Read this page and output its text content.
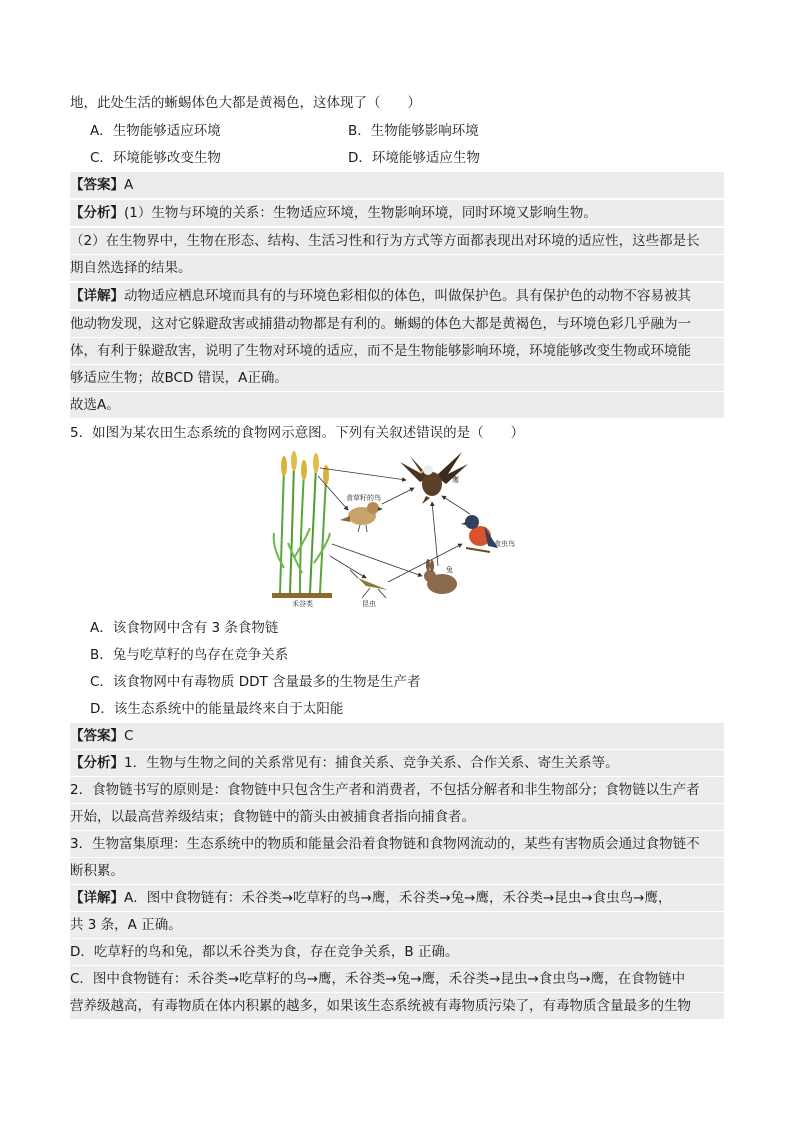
地，此处生活的蜥蜴体色大都是黄褐色，这体现了（　　）
A．生物能够适应环境	B．生物能够影响环境
C．环境能够改变生物	D．环境能够适应生物
【答案】A
【分析】(1）生物与环境的关系：生物适应环境，生物影响环境，同时环境又影响生物。
（2）在生物界中，生物在形态、结构、生活习性和行为方式等方面都表现出对环境的适应性，这些都是长
期自然选择的结果。
【详解】动物适应栖息环境而具有的与环境色彩相似的体色，叫做保护色。具有保护色的动物不容易被其
他动物发现，这对它躲避敌害或捕猎动物都是有利的。蜥蜴的体色大都是黄褐色，与环境色彩几乎融为一
体，有利于躲避敌害，说明了生物对环境的适应，而不是生物能够影响环境，环境能够改变生物或环境能
够适应生物；故BCD 错误，A正确。
故选A。
5．如图为某农田生态系统的食物网示意图。下列有关叙述错误的是（　　）
禾谷类
食草籽的鸟
鹰
食虫鸟
兔
昆虫
A．该食物网中含有 3 条食物链
B．兔与吃草籽的鸟存在竞争关系
C．该食物网中有毒物质 DDT 含量最多的生物是生产者
D．该生态系统中的能量最终来自于太阳能
【答案】C
【分析】1．生物与生物之间的关系常见有：捕食关系、竞争关系、合作关系、寄生关系等。
2．食物链书写的原则是：食物链中只包含生产者和消费者，不包括分解者和非生物部分；食物链以生产者
开始，以最高营养级结束；食物链中的箭头由被捕食者指向捕食者。
3．生物富集原理：生态系统中的物质和能量会沿着食物链和食物网流动的，某些有害物质会通过食物链不
断积累。
【详解】A．图中食物链有：禾谷类→吃草籽的鸟→鹰，禾谷类→兔→鹰，禾谷类→昆虫→食虫鸟→鹰，
共 3 条，A 正确。
D．吃草籽的鸟和兔，都以禾谷类为食，存在竞争关系，B 正确。
C．图中食物链有：禾谷类→吃草籽的鸟→鹰，禾谷类→兔→鹰，禾谷类→昆虫→食虫鸟→鹰，在食物链中
营养级越高，有毒物质在体内积累的越多，如果该生态系统被有毒物质污染了，有毒物质含量最多的生物
